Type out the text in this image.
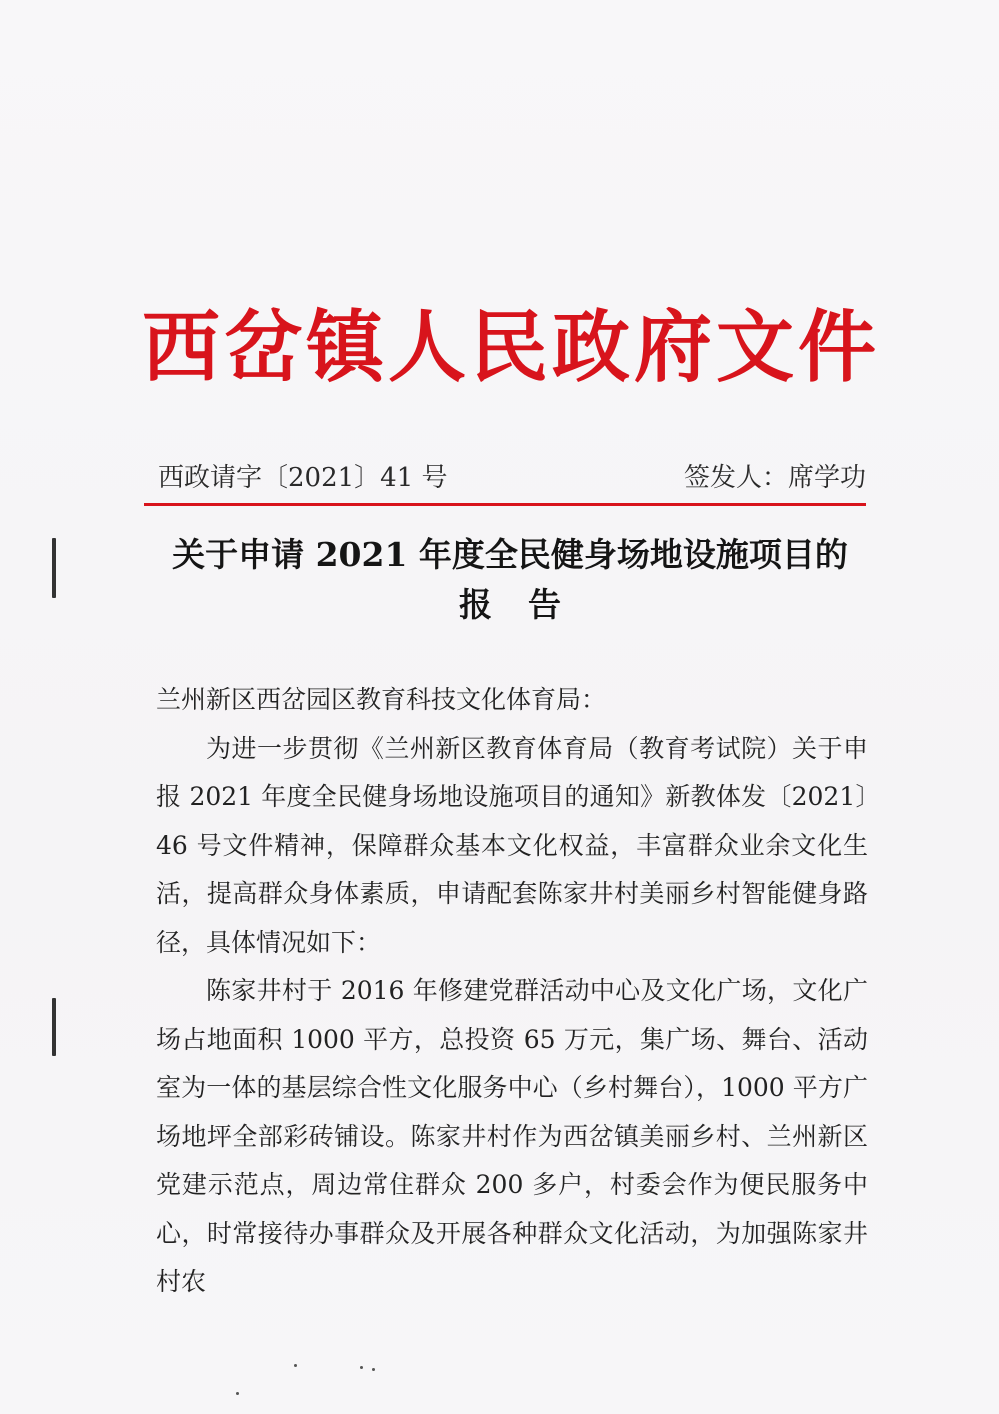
西岔镇人民政府文件
西政请字〔2021〕41 号	签发人：席学功
关于申请 2021 年度全民健身场地设施项目的
报告

兰州新区西岔园区教育科技文化体育局：

为进一步贯彻《兰州新区教育体育局（教育考试院）关于申报 2021 年度全民健身场地设施项目的通知》新教体发〔2021〕46 号文件精神，保障群众基本文化权益，丰富群众业余文化生活，提高群众身体素质，申请配套陈家井村美丽乡村智能健身路径，具体情况如下：

陈家井村于 2016 年修建党群活动中心及文化广场，文化广场占地面积 1000 平方，总投资 65 万元，集广场、舞台、活动室为一体的基层综合性文化服务中心（乡村舞台），1000 平方广场地坪全部彩砖铺设。陈家井村作为西岔镇美丽乡村、兰州新区党建示范点，周边常住群众 200 多户，村委会作为便民服务中心，时常接待办事群众及开展各种群众文化活动，为加强陈家井村农
